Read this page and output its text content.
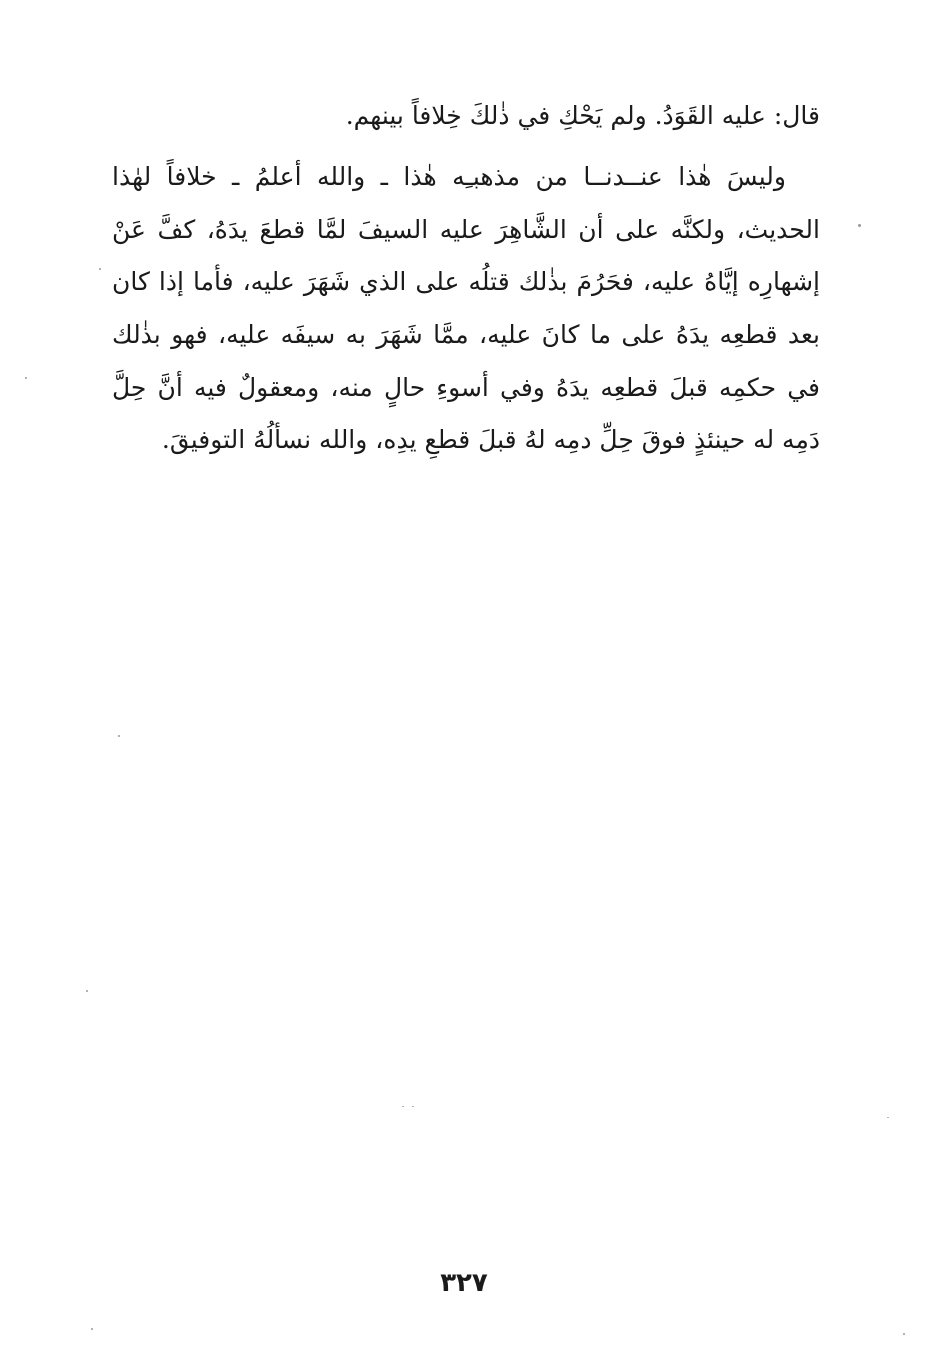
قال: عليه القَوَدُ. ولم يَحْكِ في ذٰلكَ خِلافاً بينهم.
وليسَ هٰذا عنــدنــا من مذهبـِه هٰذا ـ والله أعلمُ ـ خلافاً لهٰذا
الحديث، ولكنَّه على أن الشَّاهِرَ عليه السيفَ لمَّا قطعَ يدَهُ، كفَّ عَنْ
إشهارِه إيَّاهُ عليه، فحَرُمَ بذٰلك قتلُه على الذي شَهَرَ عليه، فأما إذا كان
بعد قطعِه يدَهُ على ما كانَ عليه، ممَّا شَهَرَ به سيفَه عليه، فهو بذٰلك
في حكمِه قبلَ قطعِه يدَهُ وفي أسوءِ حالٍ منه، ومعقولٌ فيه أنَّ حِلَّ
دَمِه له حينئذٍ فوقَ حِلِّ دمِه لهُ قبلَ قطعِ يدِه، والله نسألُهُ التوفيقَ.
٣٢٧
